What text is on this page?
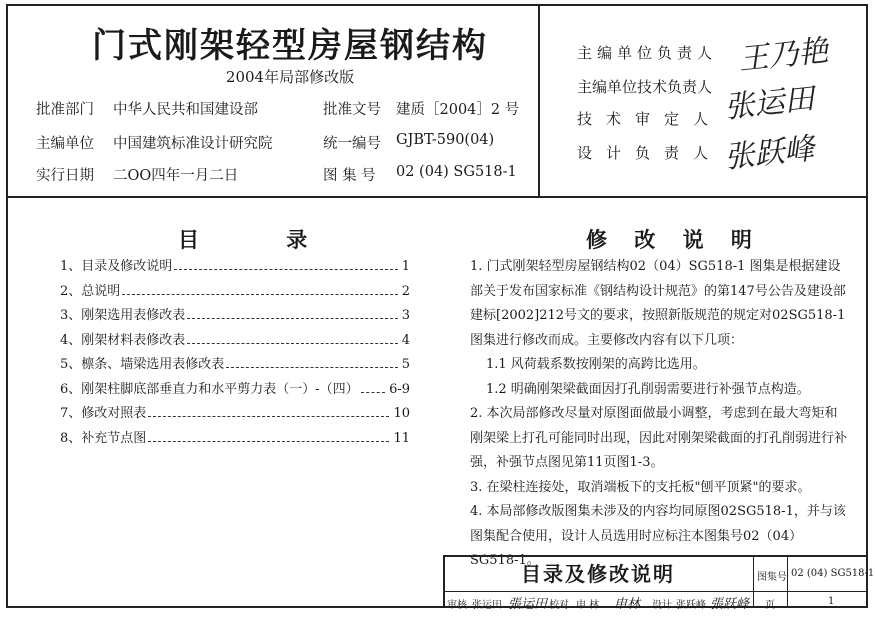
门式刚架轻型房屋钢结构
2004年局部修改版
批准部门 中华人民共和国建设部	批准文号 建质［2004］2 号
主编单位 中国建筑标准设计研究院	统一编号 GJBT-590(04)
实行日期 二OO四年一月二日	图 集 号 02 (04) SG518-1
主编单位负责人 王乃艳
主编单位技术负责人 张运田
技术审定人
设计负责人 张跃峰
目 录
1、目录及修改说明	1
2、总说明	2
3、刚架选用表修改表	3
4、刚架材料表修改表	4
5、檩条、墙梁选用表修改表	5
6、刚架柱脚底部垂直力和水平剪力表（一）-（四） 6-9
7、修改对照表	10
8、补充节点图	11
修 改 说 明

1. 门式刚架轻型房屋钢结构02（04）SG518-1 图集是根据建设部关于发布国家标准《钢结构设计规范》的第147号公告及建设部建标[2002]212号文的要求，按照新版规范的规定对02SG518-1图集进行修改而成。主要修改内容有以下几项：

1.1 风荷载系数按刚架的高跨比选用。

1.2 明确刚架梁截面因打孔削弱需要进行补强节点构造。

2. 本次局部修改尽量对原图面做最小调整，考虑到在最大弯矩和刚架梁上打孔可能同时出现，因此对刚架梁截面的打孔削弱进行补强，补强节点图见第11页图1-3。

3. 在梁柱连接处，取消端板下的支托板"刨平顶紧"的要求。

4. 本局部修改版图集未涉及的内容均同原图02SG518-1，并与该图集配合使用，设计人员选用时应标注本图集号02（04）SG518-1。

目录及修改说明	图集号 02 (04) SG518-1
审核 张运田 張运田 校对 申 林 申林 设计 张跃峰 張跃峰 页	1
